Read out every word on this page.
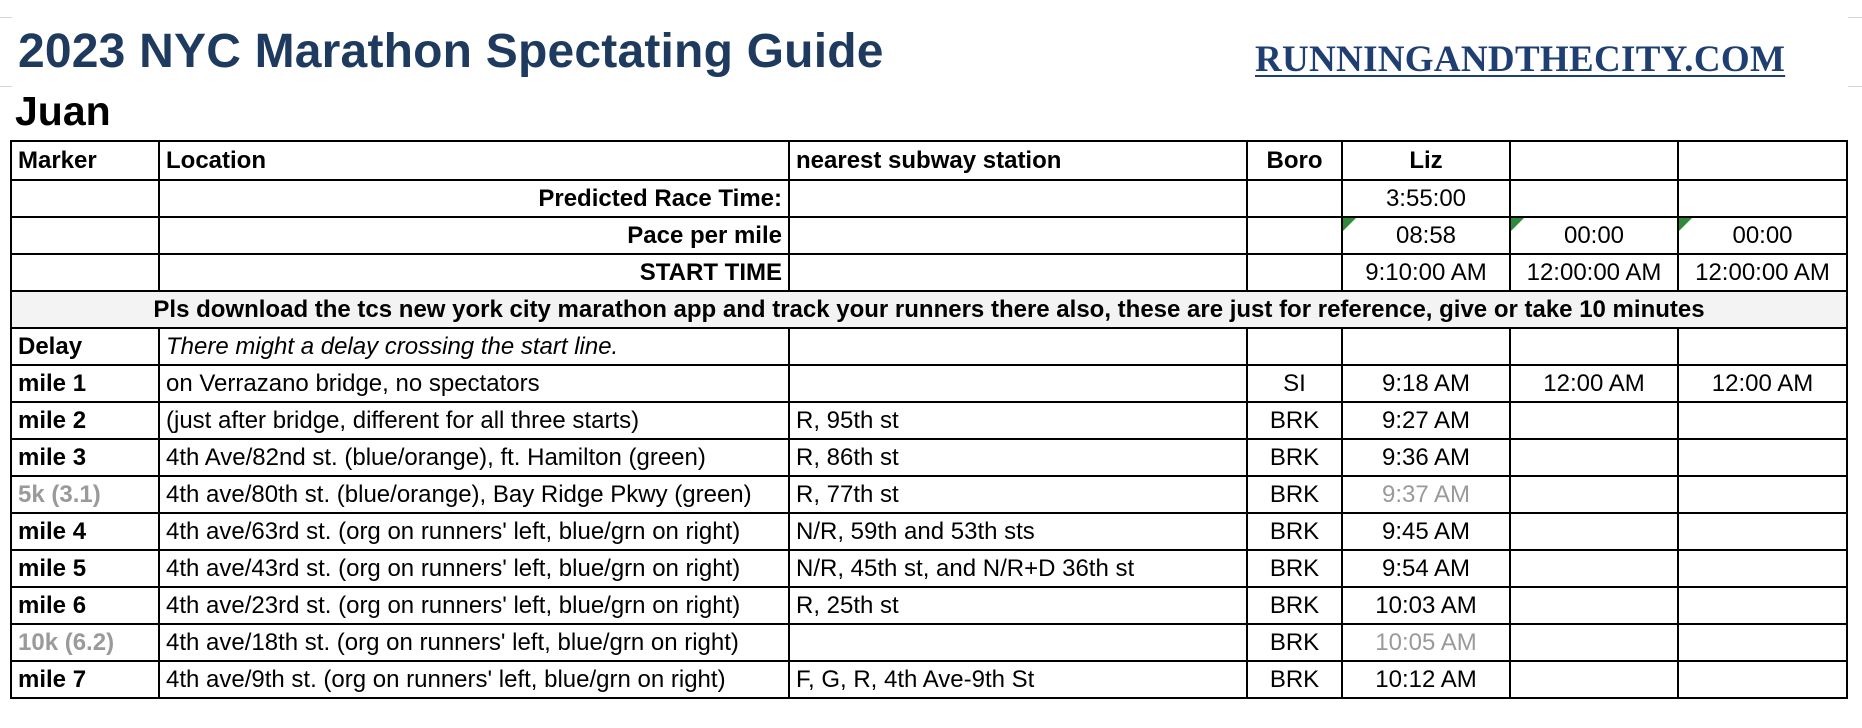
2023 NYC Marathon Spectating Guide	RUNNINGANDTHECITY.COM
Juan
Marker	Location	nearest subway station	Boro	Liz		
	Predicted Race Time:			3:55:00		
	Pace per mile			08:58	00:00	00:00
	START TIME			9:10:00 AM	12:00:00 AM	12:00:00 AM
Pls download the tcs new york city marathon app and track your runners there also, these are just for reference, give or take 10 minutes						
Delay	There might a delay crossing the start line.					
mile 1	on Verrazano bridge, no spectators		SI	9:18 AM	12:00 AM	12:00 AM
mile 2	(just after bridge, different for all three starts)	R, 95th st	BRK	9:27 AM		
mile 3	4th Ave/82nd st. (blue/orange), ft. Hamilton (green)	R, 86th st	BRK	9:36 AM		
5k (3.1)	4th ave/80th st. (blue/orange), Bay Ridge Pkwy (green)	R, 77th st	BRK	9:37 AM		
mile 4	4th ave/63rd st. (org on runners' left, blue/grn on right)	N/R, 59th and 53th sts	BRK	9:45 AM		
mile 5	4th ave/43rd st. (org on runners' left, blue/grn on right)	N/R, 45th st, and N/R+D 36th st	BRK	9:54 AM		
mile 6	4th ave/23rd st. (org on runners' left, blue/grn on right)	R, 25th st	BRK	10:03 AM		
10k (6.2)	4th ave/18th st. (org on runners' left, blue/grn on right)		BRK	10:05 AM		
mile 7	4th ave/9th st. (org on runners' left, blue/grn on right)	F, G, R, 4th Ave-9th St	BRK	10:12 AM		
